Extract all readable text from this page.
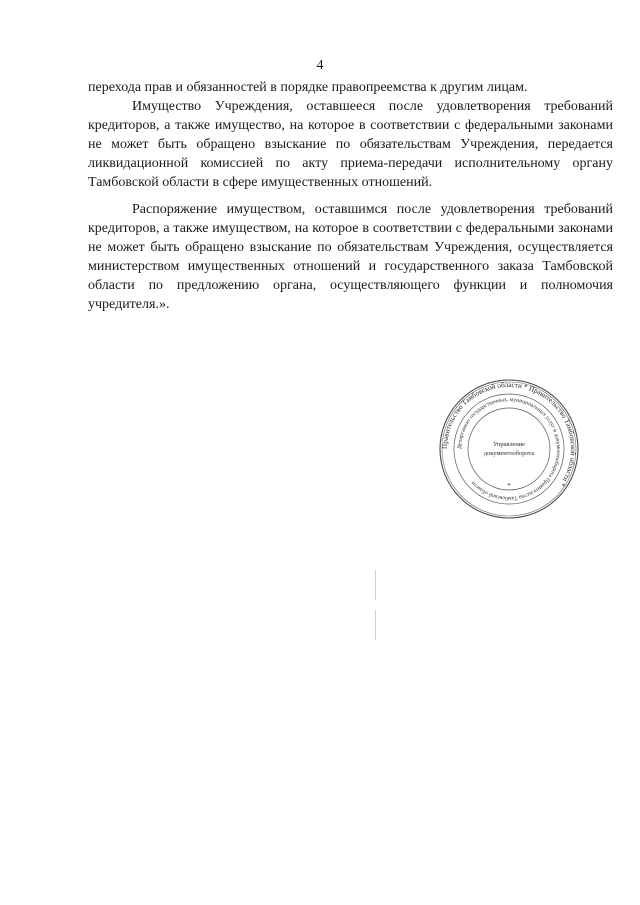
4

перехода прав и обязанностей в порядке правопреемства к другим лицам.

Имущество Учреждения, оставшееся после удовлетворения требований кредиторов, а также имущество, на которое в соответствии с федеральными законами не может быть обращено взыскание по обязательствам Учреждения, передается ликвидационной комиссией по акту приема-передачи исполнительному органу Тамбовской области в сфере имущественных отношений.

Распоряжение имуществом, оставшимся после удовлетворения требований кредиторов, а также имуществом, на которое в соответствии с федеральными законами не может быть обращено взыскание по обязательствам Учреждения, осуществляется министерством имущественных отношений и государственного заказа Тамбовской области по предложению органа, осуществляющего функции и полномочия учредителя.».

Правительство Тамбовской области * Правительство Тамбовской области *
Департамент государственных, муниципальных услуг и документооборота Правительства Тамбовской области
Управление
документооборота
*
